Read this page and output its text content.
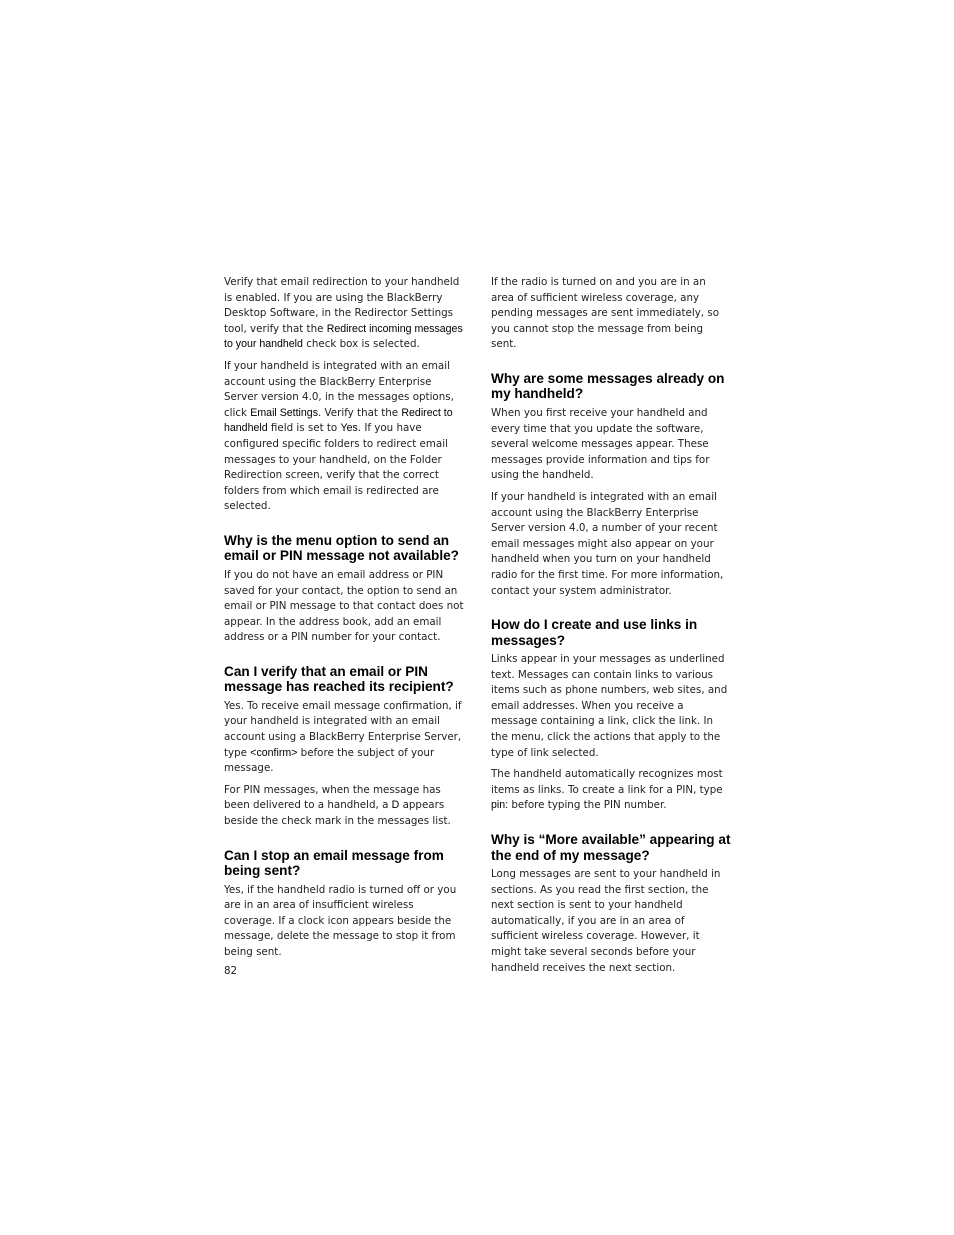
Verify that email redirection to your handheld is enabled. If you are using the BlackBerry Desktop Software, in the Redirector Settings tool, verify that the Redirect incoming messages to your handheld check box is selected.

If your handheld is integrated with an email account using the BlackBerry Enterprise Server version 4.0, in the messages options, click Email Settings. Verify that the Redirect to handheld field is set to Yes. If you have configured specific folders to redirect email messages to your handheld, on the Folder Redirection screen, verify that the correct folders from which email is redirected are selected.

Why is the menu option to send an email or PIN message not available?

If you do not have an email address or PIN saved for your contact, the option to send an email or PIN message to that contact does not appear. In the address book, add an email address or a PIN number for your contact.

Can I verify that an email or PIN message has reached its recipient?

Yes. To receive email message confirmation, if your handheld is integrated with an email account using a BlackBerry Enterprise Server, type <confirm> before the subject of your message.

For PIN messages, when the message has been delivered to a handheld, a D appears beside the check mark in the messages list.

Can I stop an email message from being sent?

Yes, if the handheld radio is turned off or you are in an area of insufficient wireless coverage. If a clock icon appears beside the message, delete the message to stop it from being sent.

If the radio is turned on and you are in an area of sufficient wireless coverage, any pending messages are sent immediately, so you cannot stop the message from being sent.

Why are some messages already on my handheld?

When you first receive your handheld and every time that you update the software, several welcome messages appear. These messages provide information and tips for using the handheld.

If your handheld is integrated with an email account using the BlackBerry Enterprise Server version 4.0, a number of your recent email messages might also appear on your handheld when you turn on your handheld radio for the first time. For more information, contact your system administrator.

How do I create and use links in messages?

Links appear in your messages as underlined text. Messages can contain links to various items such as phone numbers, web sites, and email addresses. When you receive a message containing a link, click the link. In the menu, click the actions that apply to the type of link selected.

The handheld automatically recognizes most items as links. To create a link for a PIN, type pin: before typing the PIN number.

Why is “More available” appearing at the end of my message?

Long messages are sent to your handheld in sections. As you read the first section, the next section is sent to your handheld automatically, if you are in an area of sufficient wireless coverage. However, it might take several seconds before your handheld receives the next section.

82
